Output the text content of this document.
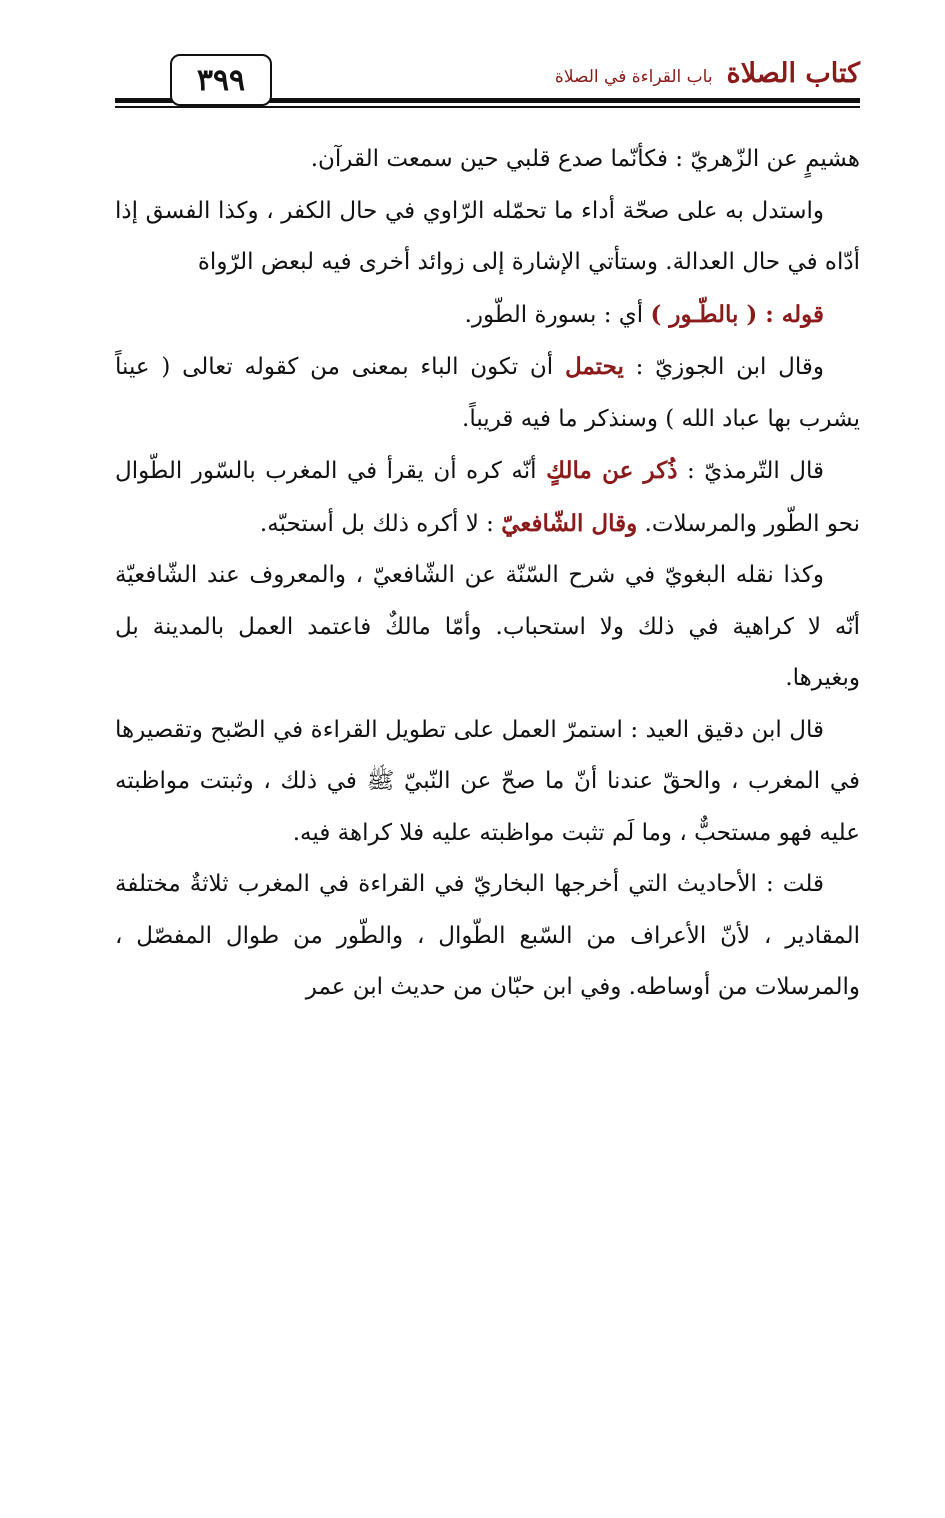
٣٩٩	كتاب الصلاةباب القراءة في الصلاة

هشيمٍ عن الزّهريّ : فكأنّما صدع قلبي حين سمعت القرآن.

واستدل به على صحّة أداء ما تحمّله الرّاوي في حال الكفر ، وكذا الفسق إذا أدّاه في حال العدالة. وستأتي الإشارة إلى زوائد أخرى فيه لبعض الرّواة

قوله : ( بالطّـور ) أي : بسورة الطّور.

وقال ابن الجوزيّ : يحتمل أن تكون الباء بمعنى من كقوله تعالى ( عيناً يشرب بها عباد الله ) وسنذكر ما فيه قريباً.

قال التّرمذيّ : ذُكر عن مالكٍ أنّه كره أن يقرأ في المغرب بالسّور الطّوال نحو الطّور والمرسلات. وقال الشّافعيّ : لا أكره ذلك بل أستحبّه.

وكذا نقله البغويّ في شرح السّنّة عن الشّافعيّ ، والمعروف عند الشّافعيّة أنّه لا كراهية في ذلك ولا استحباب. وأمّا مالكٌ فاعتمد العمل بالمدينة بل وبغيرها.

قال ابن دقيق العيد : استمرّ العمل على تطويل القراءة في الصّبح وتقصيرها في المغرب ، والحقّ عندنا أنّ ما صحّ عن النّبيّ ﷺ في ذلك ، وثبتت مواظبته عليه فهو مستحبٌّ ، وما لَم تثبت مواظبته عليه فلا كراهة فيه.

قلت : الأحاديث التي أخرجها البخاريّ في القراءة في المغرب ثلاثةٌ مختلفة المقادير ، لأنّ الأعراف من السّبع الطّوال ، والطّور من طوال المفصّل ، والمرسلات من أوساطه. وفي ابن حبّان من حديث ابن عمر
